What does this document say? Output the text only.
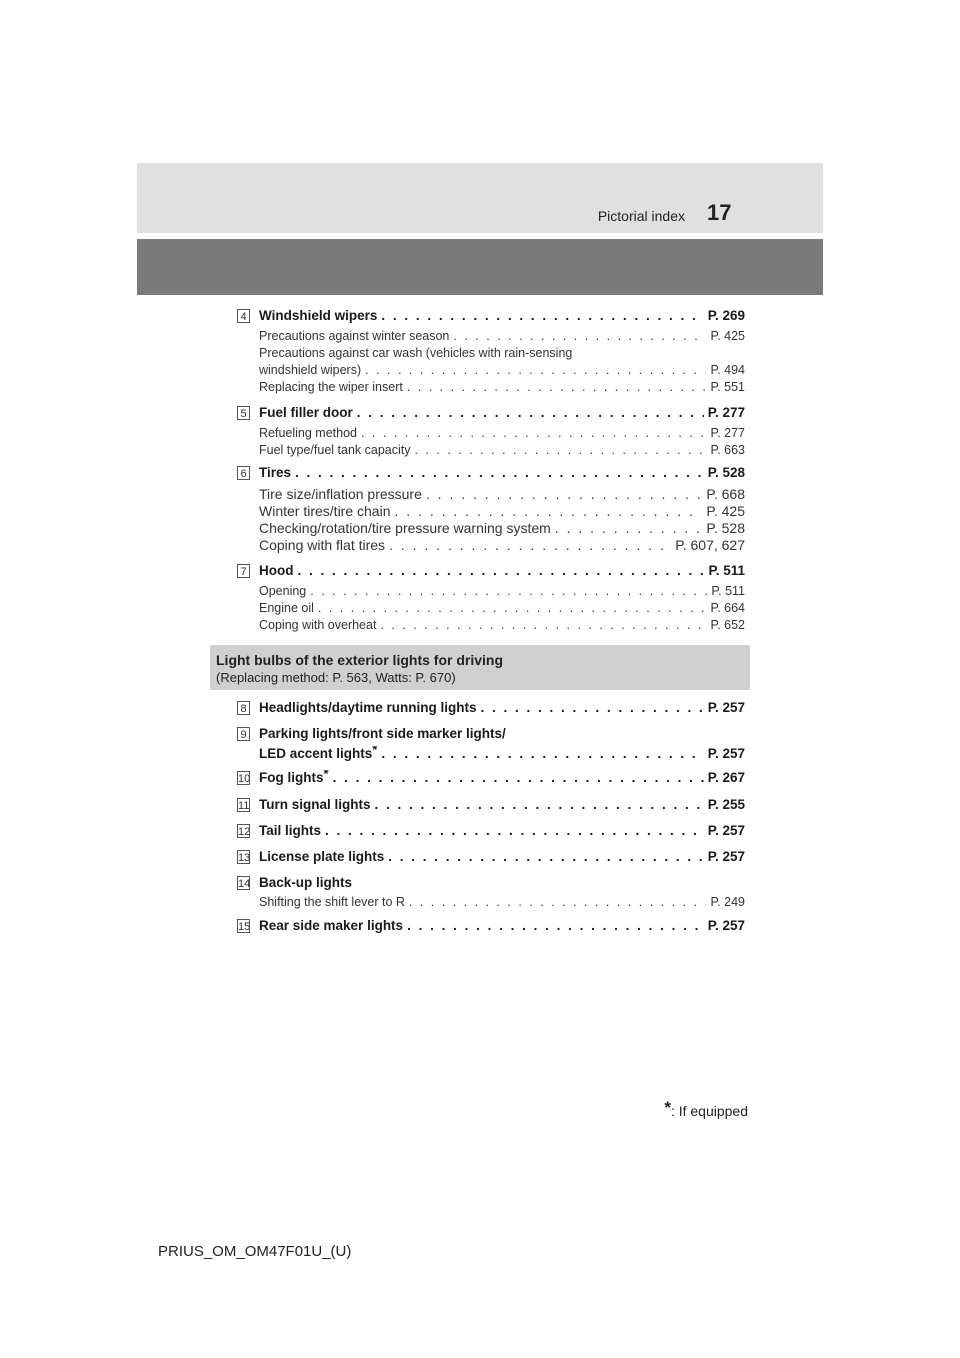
Pictorial index 17
4 Windshield wipers . . .	P. 269
Precautions against winter season . . .	P. 425
Precautions against car wash (vehicles with rain-sensing
windshield wipers) . . .	P. 494
Replacing the wiper insert . . .	P. 551
5 Fuel filler door . . .	P. 277
Refueling method . . .	P. 277
Fuel type/fuel tank capacity . . .	P. 663
6 Tires . . .	P. 528
Tire size/inflation pressure . . .	P. 668
Winter tires/tire chain . . .	P. 425
Checking/rotation/tire pressure warning system . . .	P. 528
Coping with flat tires . . .	P. 607, 627
7 Hood . . .	P. 511
Opening . . .	P. 511
Engine oil . . .	P. 664
Coping with overheat . . .	P. 652
Light bulbs of the exterior lights for driving
(Replacing method: P. 563, Watts: P. 670)
8 Headlights/daytime running lights . . .	P. 257
9 Parking lights/front side marker lights/
LED accent lights* . . .	P. 257
10 Fog lights* . . .	P. 267
11 Turn signal lights . . .	P. 255
12 Tail lights . . .	P. 257
13 License plate lights . . .	P. 257
14 Back-up lights
Shifting the shift lever to R . . .	P. 249
15 Rear side maker lights . . .	P. 257
*: If equipped
PRIUS_OM_OM47F01U_(U)
